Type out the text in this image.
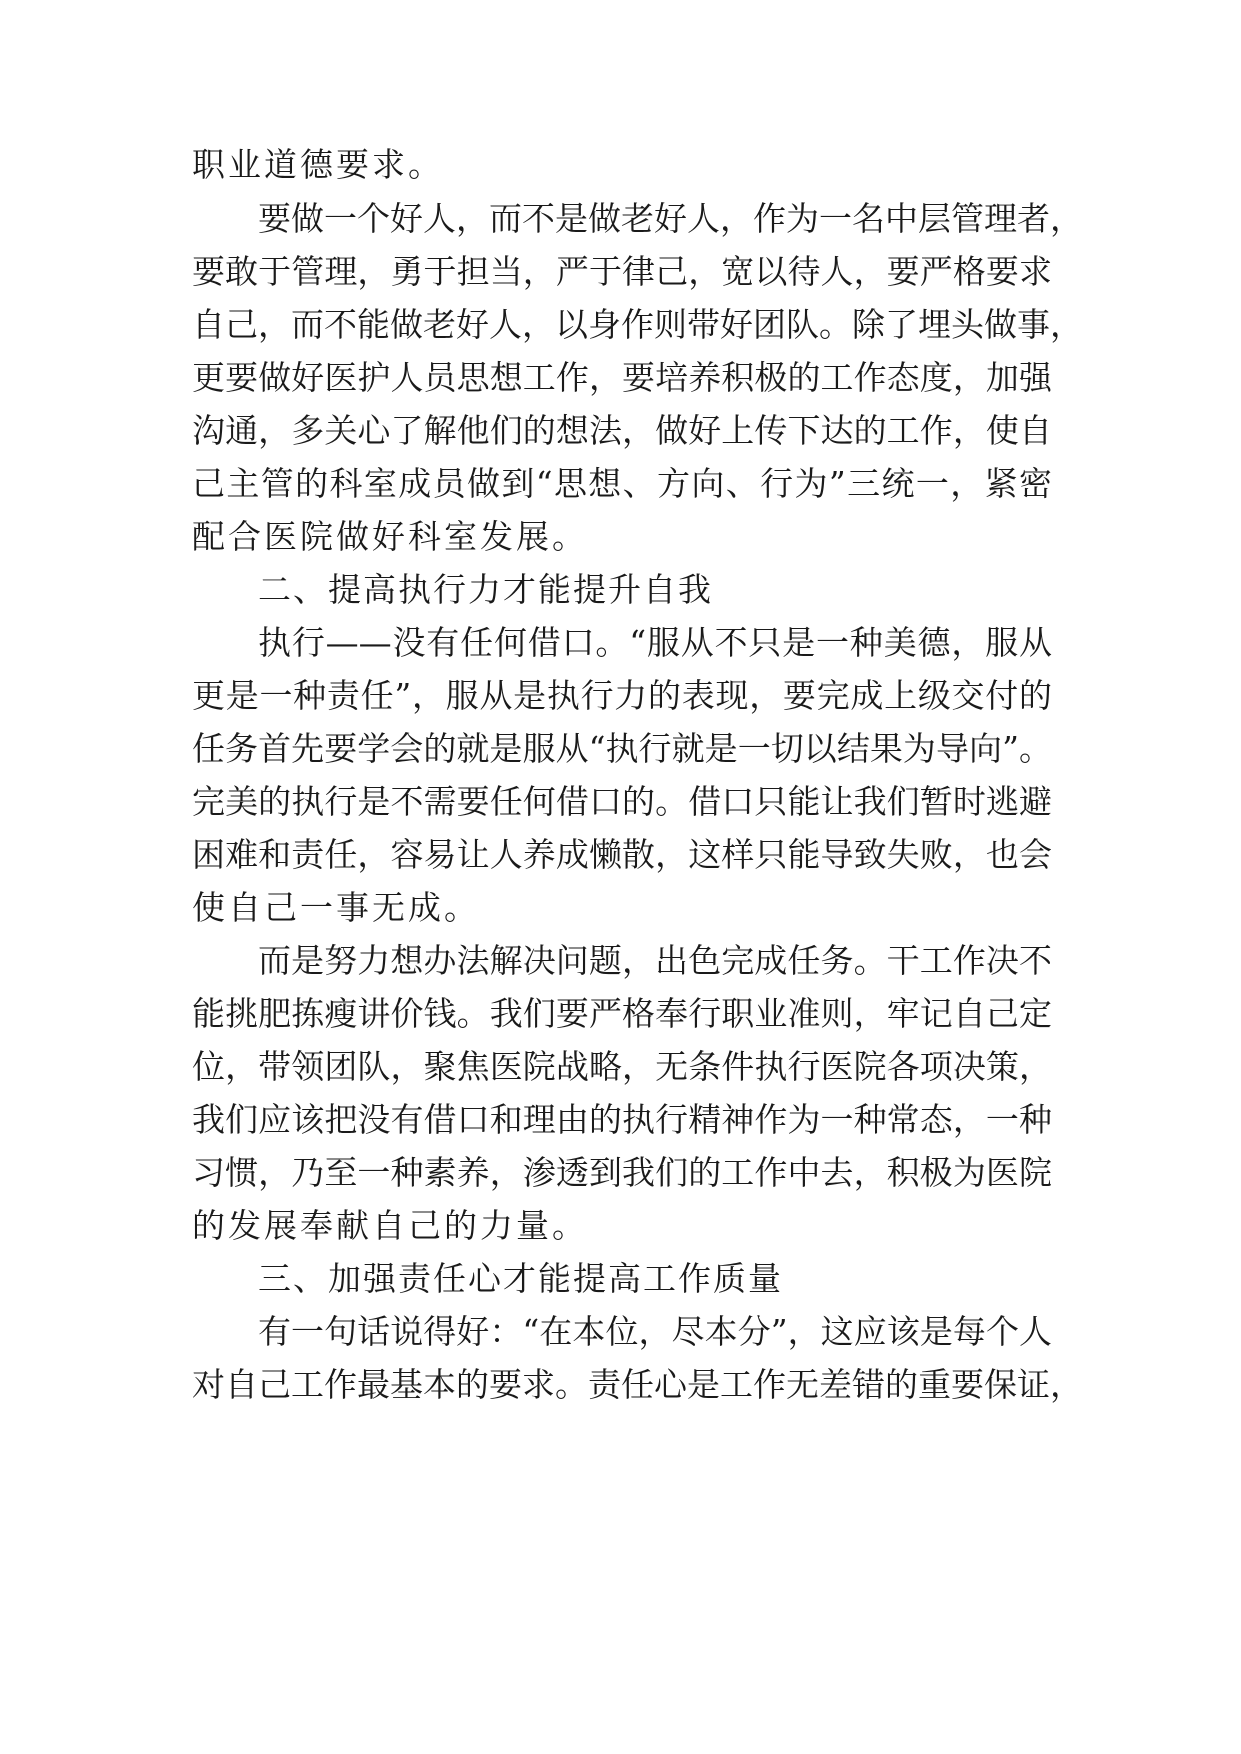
职业道德要求。
要做一个好人，而不是做老好人，作为一名中层管理者，
要敢于管理，勇于担当，严于律己，宽以待人，要严格要求
自己，而不能做老好人，以身作则带好团队。除了埋头做事，
更要做好医护人员思想工作，要培养积极的工作态度，加强
沟通，多关心了解他们的想法，做好上传下达的工作，使自
己主管的科室成员做到“思想、方向、行为”三统一，紧密
配合医院做好科室发展。
二、提高执行力才能提升自我
执行——没有任何借口。“服从不只是一种美德，服从
更是一种责任”，服从是执行力的表现，要完成上级交付的
任务首先要学会的就是服从“执行就是一切以结果为导向”。
完美的执行是不需要任何借口的。借口只能让我们暂时逃避
困难和责任，容易让人养成懒散，这样只能导致失败，也会
使自己一事无成。
而是努力想办法解决问题，出色完成任务。干工作决不
能挑肥拣瘦讲价钱。我们要严格奉行职业准则，牢记自己定
位，带领团队，聚焦医院战略，无条件执行医院各项决策，
我们应该把没有借口和理由的执行精神作为一种常态，一种
习惯，乃至一种素养，渗透到我们的工作中去，积极为医院
的发展奉献自己的力量。
三、加强责任心才能提高工作质量
有一句话说得好：“在本位，尽本分”，这应该是每个人
对自己工作最基本的要求。责任心是工作无差错的重要保证，
